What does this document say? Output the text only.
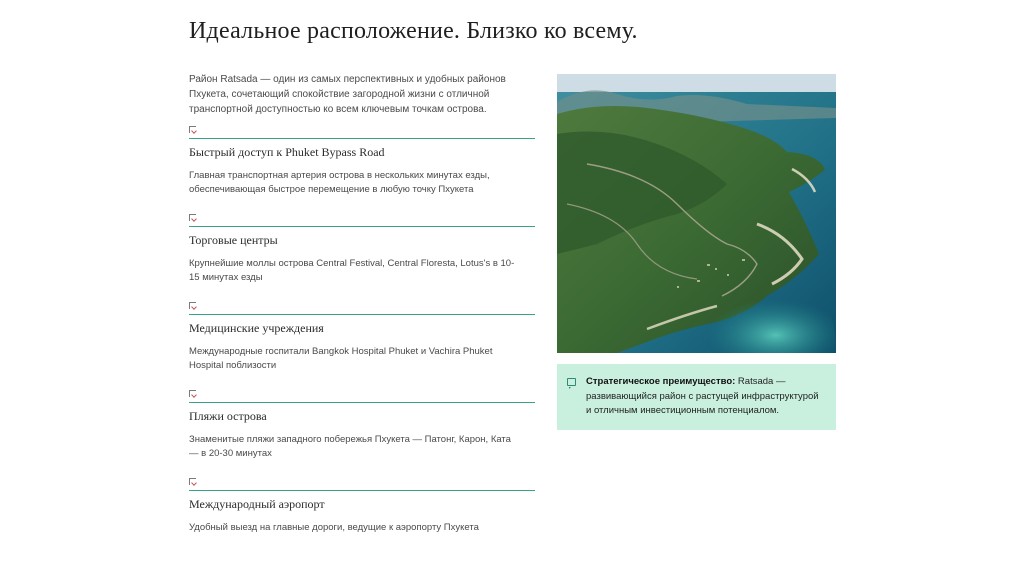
Идеальное расположение. Близко ко всему.

Район Ratsada — один из самых перспективных и удобных районов Пхукета, сочетающий спокойствие загородной жизни с отличной транспортной доступностью ко всем ключевым точкам острова.

Быстрый доступ к Phuket Bypass Road

Главная транспортная артерия острова в нескольких минутах езды, обеспечивающая быстрое перемещение в любую точку Пхукета

Торговые центры

Крупнейшие моллы острова Central Festival, Central Floresta, Lotus's в 10-15 минутах езды

Медицинские учреждения

Международные госпитали Bangkok Hospital Phuket и Vachira Phuket Hospital поблизости

Пляжи острова

Знаменитые пляжи западного побережья Пхукета — Патонг, Карон, Ката — в 20-30 минутах

Международный аэропорт

Удобный выезд на главные дороги, ведущие к аэропорту Пхукета

Стратегическое преимущество: Ratsada — развивающийся район с растущей инфраструктурой и отличным инвестиционным потенциалом.
